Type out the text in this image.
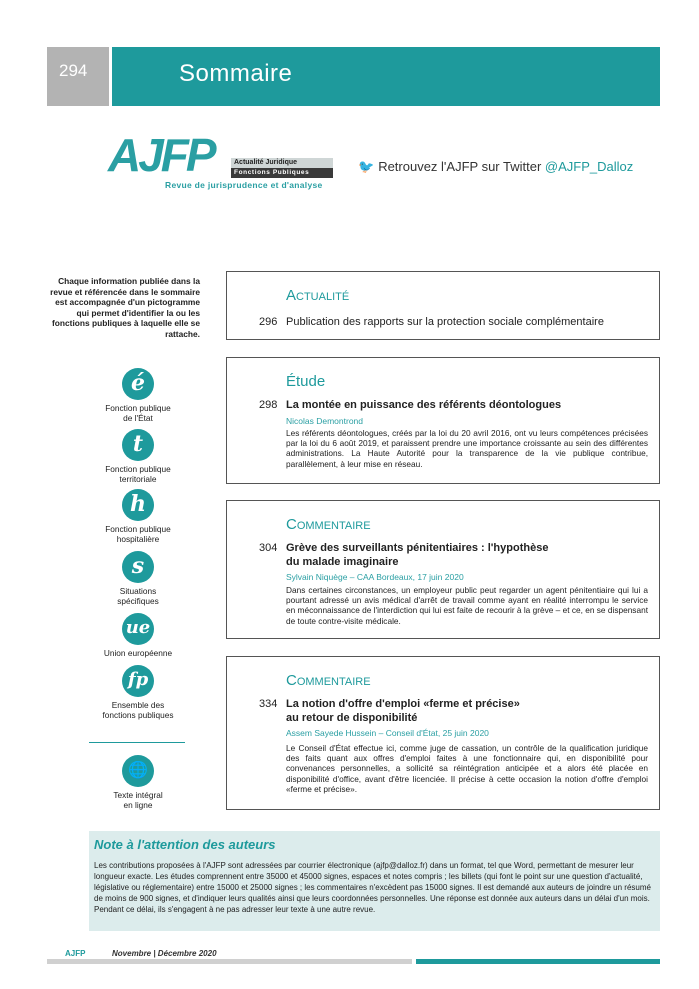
294	Sommaire
AJFP	Actualité Juridique
Fonctions Publiques
Revue de jurisprudence et d'analyse
🐦 Retrouvez l'AJFP sur Twitter @AJFP_Dalloz
Chaque information publiée dans la revue et référencée dans le sommaire est accompagnée d'un pictogramme qui permet d'identifier la ou les fonctions publiques à laquelle elle se rattache.
é
Fonction publique de l'État
t
Fonction publique territoriale
h
Fonction publique hospitalière
s
Situations spécifiques
ue
Union européenne
fp
Ensemble des fonctions publiques
🌐
Texte intégral en ligne
Actualité
296 Publication des rapports sur la protection sociale complémentaire
Étude
298 La montée en puissance des référents déontologues
Nicolas Demontrond
Les référents déontologues, créés par la loi du 20 avril 2016, ont vu leurs compétences précisées par la loi du 6 août 2019, et paraissent prendre une importance croissante au sein des différentes administrations. La Haute Autorité pour la transparence de la vie publique contribue, parallèlement, à leur mise en réseau.
Commentaire
304 Grève des surveillants pénitentiaires : l'hypothèse
du malade imaginaire
Sylvain Niquège – CAA Bordeaux, 17 juin 2020
Dans certaines circonstances, un employeur public peut regarder un agent pénitentiaire qui lui a pourtant adressé un avis médical d'arrêt de travail comme ayant en réalité interrompu le service en méconnaissance de l'interdiction qui lui est faite de recourir à la grève – et ce, en se dispensant de toute contre-visite médicale.
Commentaire
334 La notion d'offre d'emploi «ferme et précise»
au retour de disponibilité
Assem Sayede Hussein – Conseil d'État, 25 juin 2020
Le Conseil d'État effectue ici, comme juge de cassation, un contrôle de la qualification juridique des faits quant aux offres d'emploi faites à une fonctionnaire qui, en disponibilité pour convenances personnelles, a sollicité sa réintégration anticipée et a alors été placée en disponibilité d'office, avant d'être licenciée. Il précise à cette occasion la notion d'offre d'emploi «ferme et précise».
Note à l'attention des auteurs
Les contributions proposées à l'AJFP sont adressées par courrier électronique (ajfp@dalloz.fr) dans un format, tel que Word, permettant de mesurer leur longueur exacte. Les études comprennent entre 35000 et 45000 signes, espaces et notes compris ; les billets (qui font le point sur une question d'actualité, législative ou réglementaire) entre 15000 et 25000 signes ; les commentaires n'excèdent pas 15000 signes. Il est demandé aux auteurs de joindre un résumé de moins de 900 signes, et d'indiquer leurs qualités ainsi que leurs coordonnées personnelles. Une réponse est donnée aux auteurs dans un délai d'un mois. Pendant ce délai, ils s'engagent à ne pas adresser leur texte à une autre revue.
AJFP	Novembre | Décembre 2020
